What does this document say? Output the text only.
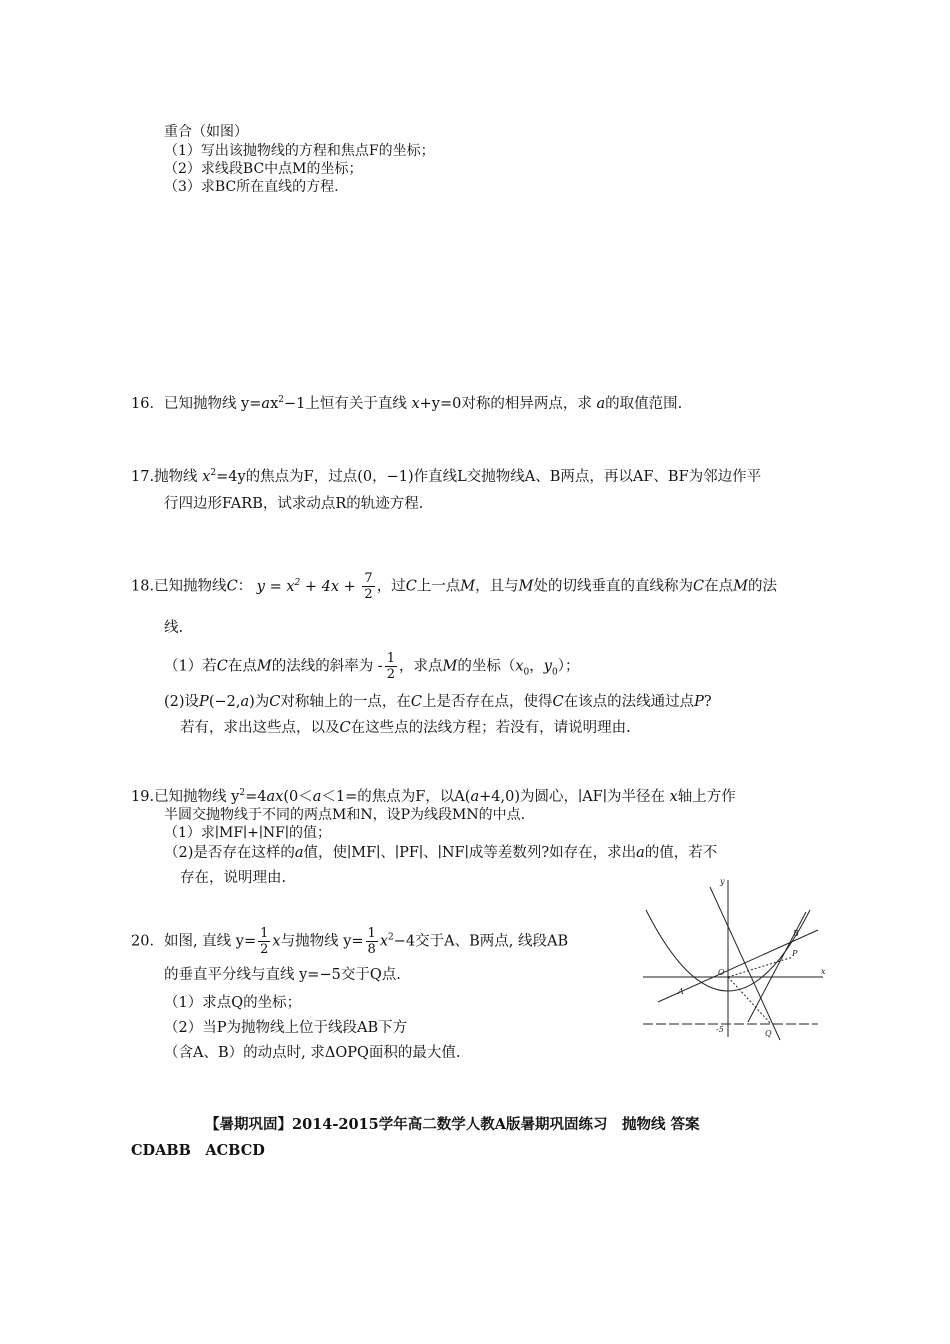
重合（如图）
（1）写出该抛物线的方程和焦点F的坐标；
（2）求线段BC中点M的坐标；
（3）求BC所在直线的方程.
16．已知抛物线 $y=ax^2-1$上恒有关于直线 x+y=0对称的相异两点，求 a的取值范围.
17.抛物线 $x^2=4y$的焦点为F，过点(0，−1)作直线L交抛物线A、B两点，再以AF、BF为邻边作平
行四边形FARB，试求动点R的轨迹方程.
18.已知抛物线C： $y = x^2 + 4x + \frac{7}{2}$ ，过C上一点M，且与M处的切线垂直的直线称为C在点M的法
线.
（1）若C在点M的法线的斜率为 - $\frac{1}{2}$ ，求点M的坐标（$x_0$，$y_0$）；
(2)设P(−2,a)为C对称轴上的一点，在C上是否存在点，使得C在该点的法线通过点P?
若有，求出这些点，以及C在这些点的法线方程；若没有，请说明理由.
19.已知抛物线 $y^2=4ax(0<a<1=$的焦点为F，以A(a+4,0)为圆心，∣AF∣为半径在 x轴上方作
半圆交抛物线于不同的两点M和N，设P为线段MN的中点.
（1）求∣MF∣+∣NF∣的值；
（2)是否存在这样的a值，使∣MF∣、∣PF∣、∣NF∣成等差数列?如存在，求出a的值，若不
存在，说明理由.
20．如图, 直线 $y= \frac{1}{2}$ x与抛物线 $y= \frac{1}{8} x^2-4$交于A、B两点, 线段AB
的垂直平分线与直线 y=−5交于Q点.
（1）求点Q的坐标；
（2）当P为抛物线上位于线段AB下方
（含A、B）的动点时, 求ΔOPQ面积的最大值.
y
x
O
A
B
P
Q
-5
【暑期巩固】2014-2015学年高二数学人教A版暑期巩固练习　抛物线 答案
CDABB　ACBCD
